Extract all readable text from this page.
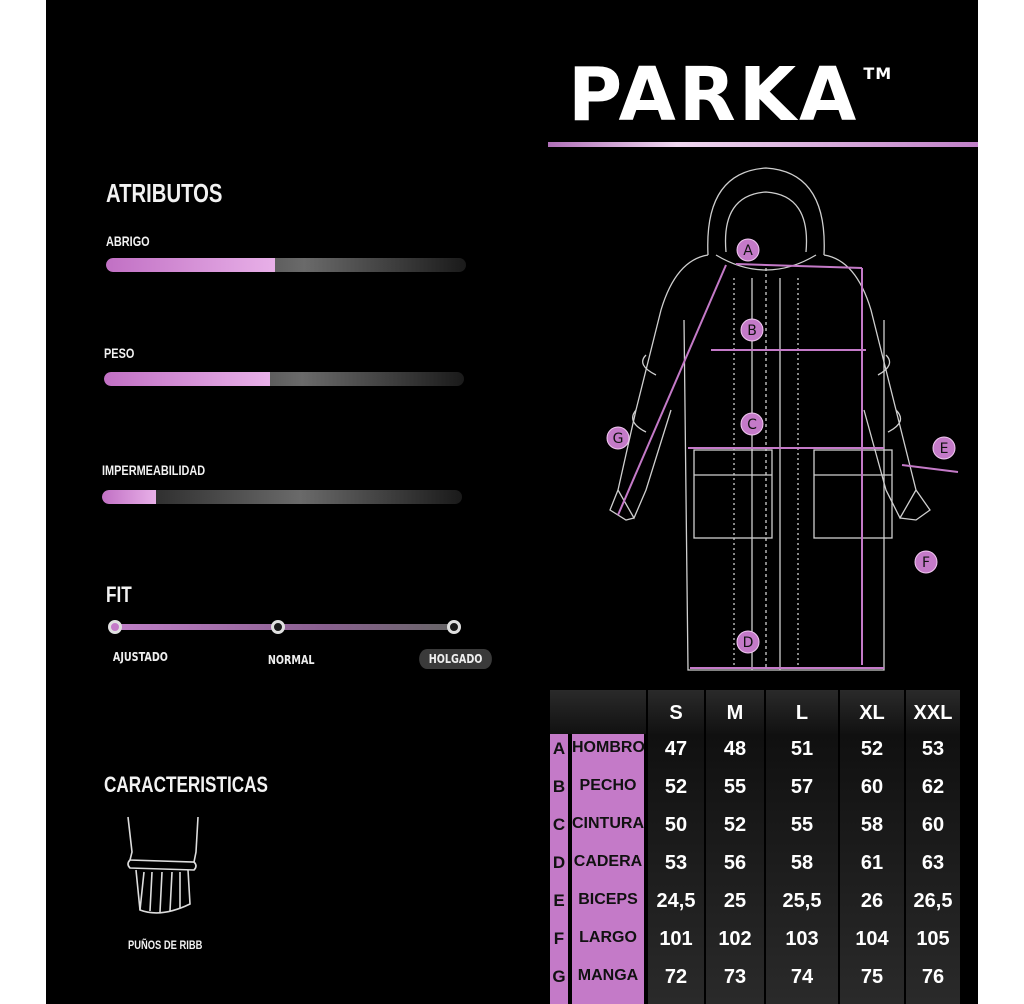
PARKA ™
ATRIBUTOS
ABRIGO
PESO
IMPERMEABILIDAD
FIT
AJUSTADO	NORMAL	HOLGADO
CARACTERISTICAS
PUÑOS DE RIBB
A
B
C
D
E
F
G
S	M	L	XL	XXL
A HOMBRO 47	48	51	52	53
B PECHO	52	55	57	60	62
C CINTURA	50	52	55	58	60
D CADERA	53	56	58	61	63
E BICEPS 24,5	25	25,5	26	26,5
F LARGO	101	102	103	104	105
G MANGA	72	73	74	75	76
